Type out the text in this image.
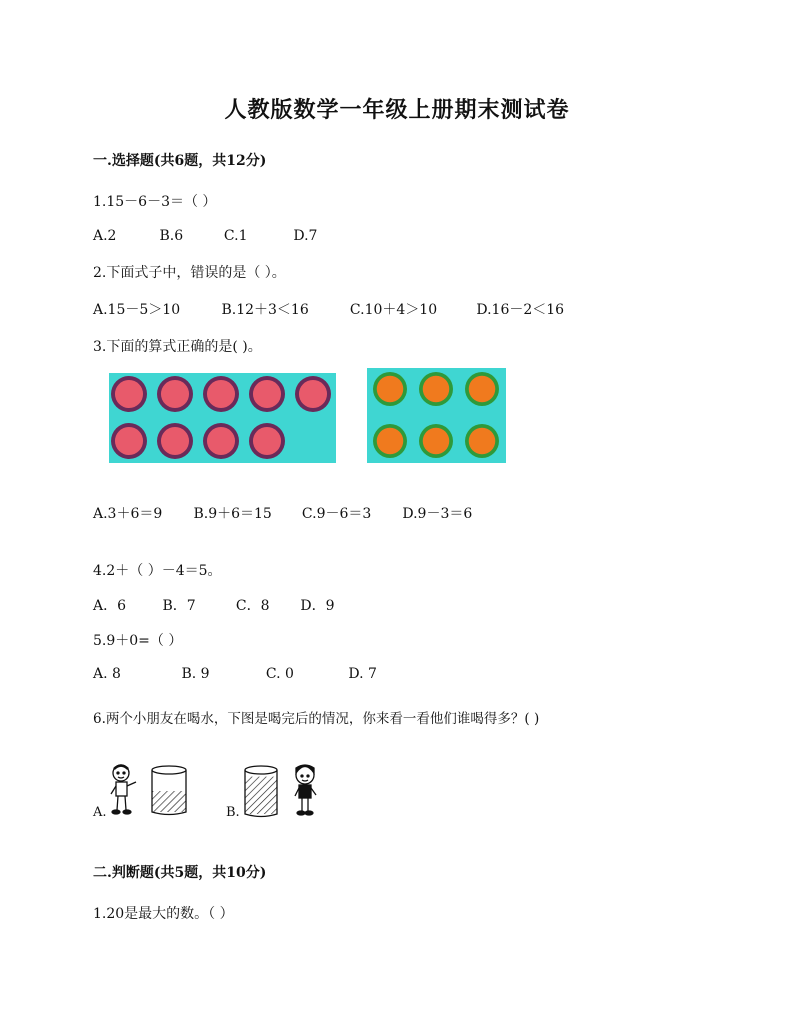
人教版数学一年级上册期末测试卷
一.选择题(共6题，共12分)
1.15－6－3＝（ ）
A.2	B.6	C.1	D.7
2.下面式子中，错误的是（ ）。
A.15－5＞10	B.12＋3＜16	C.10＋4＞10	D.16－2＜16
3.下面的算式正确的是( )。
A.3＋6＝9 B.9＋6＝15 C.9－6＝3 D.9－3＝6
4.2＋（ ）－4＝5。
A．6	B．7	C．8 D．9
5.9＋0=（ ）
A. 8	B. 9	C. 0	D. 7
6.两个小朋友在喝水，下图是喝完后的情况，你来看一看他们谁喝得多？( )
A.	B.
二.判断题(共5题，共10分)
1.20是最大的数。（ ）
